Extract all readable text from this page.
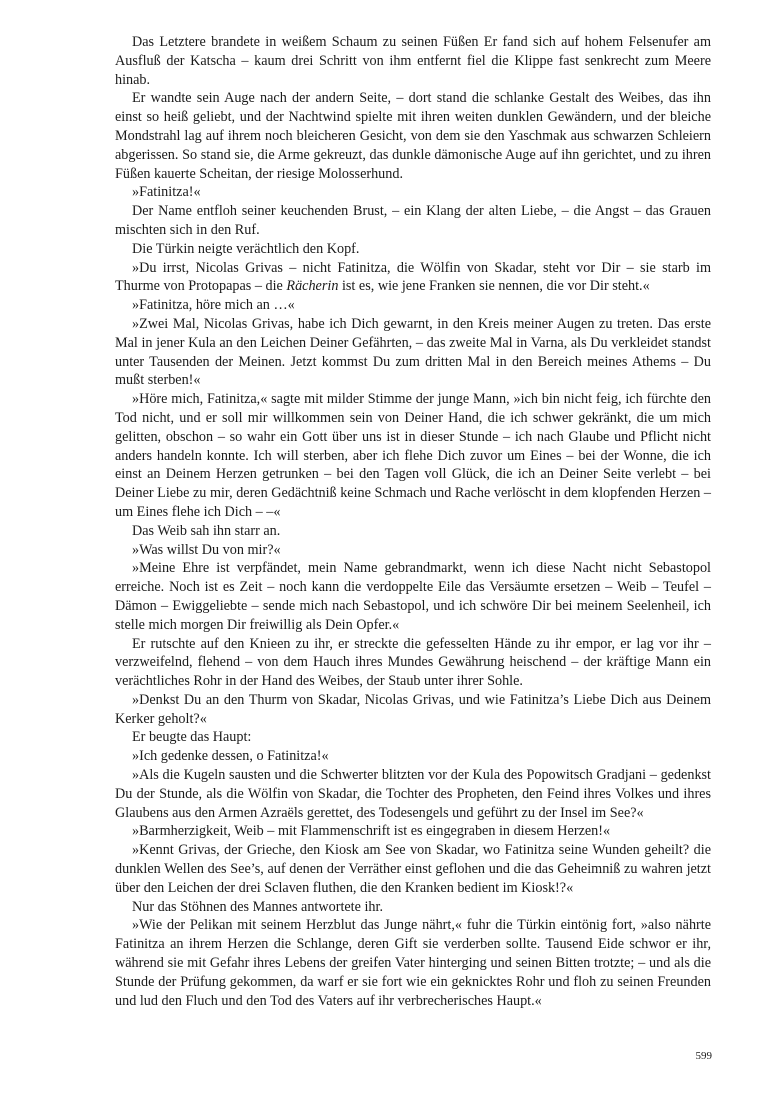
Das Letztere brandete in weißem Schaum zu seinen Füßen Er fand sich auf hohem Felsenufer am Ausfluß der Katscha – kaum drei Schritt von ihm entfernt fiel die Klippe fast senkrecht zum Meere hinab.

Er wandte sein Auge nach der andern Seite, – dort stand die schlanke Gestalt des Weibes, das ihn einst so heiß geliebt, und der Nachtwind spielte mit ihren weiten dunklen Gewändern, und der bleiche Mondstrahl lag auf ihrem noch bleicheren Gesicht, von dem sie den Yaschmak aus schwarzen Schleiern abgerissen. So stand sie, die Arme gekreuzt, das dunkle dämonische Auge auf ihn gerichtet, und zu ihren Füßen kauerte Scheitan, der riesige Molosserhund.

»Fatinitza!«

Der Name entfloh seiner keuchenden Brust, – ein Klang der alten Liebe, – die Angst – das Grauen mischten sich in den Ruf.

Die Türkin neigte verächtlich den Kopf.

»Du irrst, Nicolas Grivas – nicht Fatinitza, die Wölfin von Skadar, steht vor Dir – sie starb im Thurme von Protopapas – die Rächerin ist es, wie jene Franken sie nennen, die vor Dir steht.«

»Fatinitza, höre mich an …«

»Zwei Mal, Nicolas Grivas, habe ich Dich gewarnt, in den Kreis meiner Augen zu treten. Das erste Mal in jener Kula an den Leichen Deiner Gefährten, – das zweite Mal in Varna, als Du verkleidet standst unter Tausenden der Meinen. Jetzt kommst Du zum dritten Mal in den Bereich meines Athems – Du mußt sterben!«

»Höre mich, Fatinitza,« sagte mit milder Stimme der junge Mann, »ich bin nicht feig, ich fürchte den Tod nicht, und er soll mir willkommen sein von Deiner Hand, die ich schwer gekränkt, die um mich gelitten, obschon – so wahr ein Gott über uns ist in dieser Stunde – ich nach Glaube und Pflicht nicht anders handeln konnte. Ich will sterben, aber ich flehe Dich zuvor um Eines – bei der Wonne, die ich einst an Deinem Herzen getrunken – bei den Tagen voll Glück, die ich an Deiner Seite verlebt – bei Deiner Liebe zu mir, deren Gedächtniß keine Schmach und Rache verlöscht in dem klopfenden Herzen – um Eines flehe ich Dich – –«

Das Weib sah ihn starr an.

»Was willst Du von mir?«

»Meine Ehre ist verpfändet, mein Name gebrandmarkt, wenn ich diese Nacht nicht Sebastopol erreiche. Noch ist es Zeit – noch kann die verdoppelte Eile das Versäumte ersetzen – Weib – Teufel – Dämon – Ewiggeliebte – sende mich nach Sebastopol, und ich schwöre Dir bei meinem Seelenheil, ich stelle mich morgen Dir freiwillig als Dein Opfer.«

Er rutschte auf den Knieen zu ihr, er streckte die gefesselten Hände zu ihr empor, er lag vor ihr – verzweifelnd, flehend – von dem Hauch ihres Mundes Gewährung heischend – der kräftige Mann ein verächtliches Rohr in der Hand des Weibes, der Staub unter ihrer Sohle.

»Denkst Du an den Thurm von Skadar, Nicolas Grivas, und wie Fatinitza’s Liebe Dich aus Deinem Kerker geholt?«

Er beugte das Haupt:

»Ich gedenke dessen, o Fatinitza!«

»Als die Kugeln sausten und die Schwerter blitzten vor der Kula des Popowitsch Gradjani – gedenkst Du der Stunde, als die Wölfin von Skadar, die Tochter des Propheten, den Feind ihres Volkes und ihres Glaubens aus den Armen Azraëls gerettet, des Todesengels und geführt zu der Insel im See?«

»Barmherzigkeit, Weib – mit Flammenschrift ist es eingegraben in diesem Herzen!«

»Kennt Grivas, der Grieche, den Kiosk am See von Skadar, wo Fatinitza seine Wunden geheilt? die dunklen Wellen des See’s, auf denen der Verräther einst geflohen und die das Geheimniß zu wahren jetzt über den Leichen der drei Sclaven fluthen, die den Kranken bedient im Kiosk!?«

Nur das Stöhnen des Mannes antwortete ihr.

»Wie der Pelikan mit seinem Herzblut das Junge nährt,« fuhr die Türkin eintönig fort, »also nährte Fatinitza an ihrem Herzen die Schlange, deren Gift sie verderben sollte. Tausend Eide schwor er ihr, während sie mit Gefahr ihres Lebens der greifen Vater hinterging und seinen Bitten trotzte; – und als die Stunde der Prüfung gekommen, da warf er sie fort wie ein geknicktes Rohr und floh zu seinen Freunden und lud den Fluch und den Tod des Vaters auf ihr verbrecherisches Haupt.«

599
